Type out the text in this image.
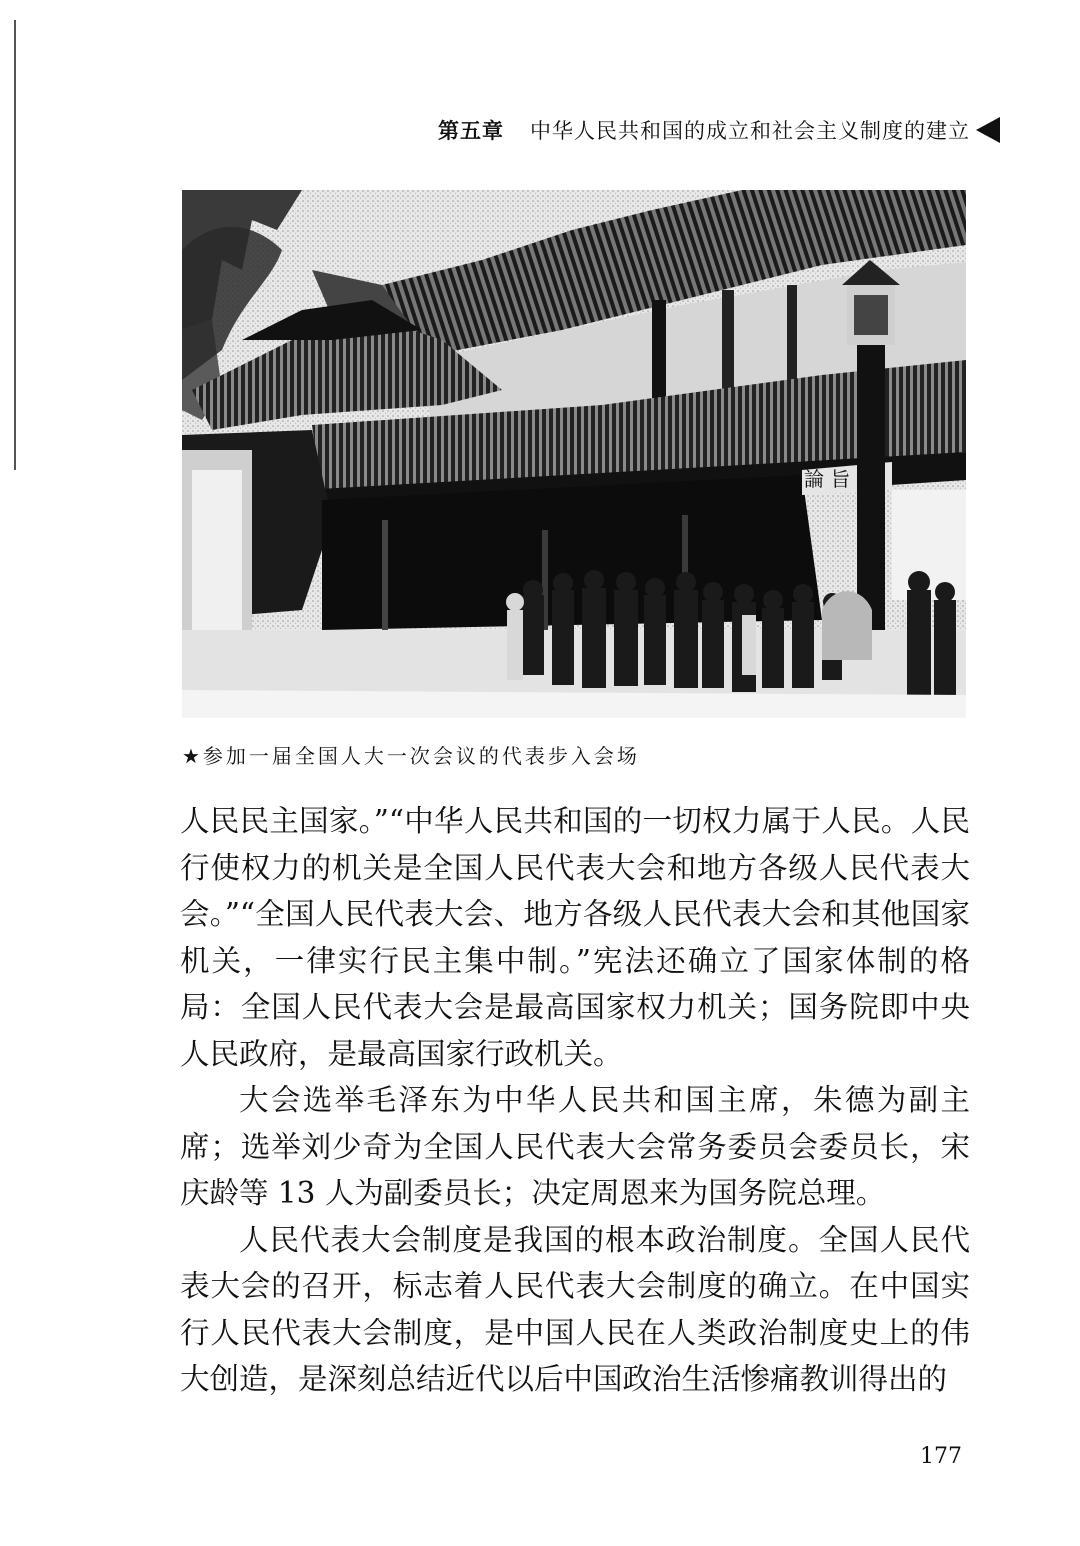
第五章 中华人民共和国的成立和社会主义制度的建立
論 旨
★参加一届全国人大一次会议的代表步入会场

人民民主国家。”“中华人民共和国的一切权力属于人民。人民行使权力的机关是全国人民代表大会和地方各级人民代表大会。”“全国人民代表大会、地方各级人民代表大会和其他国家机关，一律实行民主集中制。”宪法还确立了国家体制的格局：全国人民代表大会是最高国家权力机关；国务院即中央人民政府，是最高国家行政机关。

大会选举毛泽东为中华人民共和国主席，朱德为副主席；选举刘少奇为全国人民代表大会常务委员会委员长，宋庆龄等 13 人为副委员长；决定周恩来为国务院总理。

人民代表大会制度是我国的根本政治制度。全国人民代表大会的召开，标志着人民代表大会制度的确立。在中国实行人民代表大会制度，是中国人民在人类政治制度史上的伟大创造，是深刻总结近代以后中国政治生活惨痛教训得出的

177
